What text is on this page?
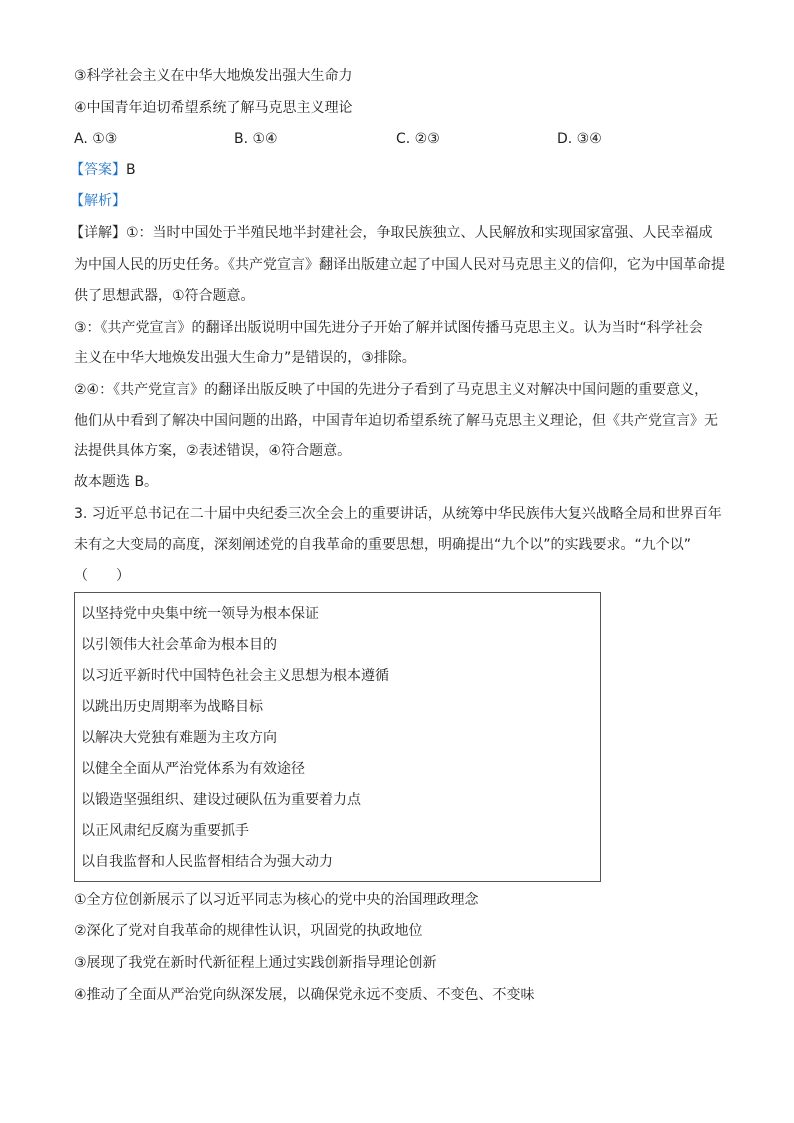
③科学社会主义在中华大地焕发出强大生命力
④中国青年迫切希望系统了解马克思主义理论
A. ①③	B. ①④	C. ②③	D. ③④
【答案】B
【解析】
【详解】①：当时中国处于半殖民地半封建社会，争取民族独立、人民解放和实现国家富强、人民幸福成
为中国人民的历史任务。《共产党宣言》翻译出版建立起了中国人民对马克思主义的信仰，它为中国革命提
供了思想武器，①符合题意。
③：《共产党宣言》的翻译出版说明中国先进分子开始了解并试图传播马克思主义。认为当时“科学社会
主义在中华大地焕发出强大生命力”是错误的，③排除。
②④：《共产党宣言》的翻译出版反映了中国的先进分子看到了马克思主义对解决中国问题的重要意义，
他们从中看到了解决中国问题的出路，中国青年迫切希望系统了解马克思主义理论，但《共产党宣言》无
法提供具体方案，②表述错误，④符合题意。
故本题选 B。
3. 习近平总书记在二十届中央纪委三次全会上的重要讲话，从统筹中华民族伟大复兴战略全局和世界百年
未有之大变局的高度，深刻阐述党的自我革命的重要思想，明确提出“九个以”的实践要求。“九个以”
（　　）
以坚持党中央集中统一领导为根本保证
以引领伟大社会革命为根本目的
以习近平新时代中国特色社会主义思想为根本遵循
以跳出历史周期率为战略目标
以解决大党独有难题为主攻方向
以健全全面从严治党体系为有效途径
以锻造坚强组织、建设过硬队伍为重要着力点
以正风肃纪反腐为重要抓手
以自我监督和人民监督相结合为强大动力
①全方位创新展示了以习近平同志为核心的党中央的治国理政理念
②深化了党对自我革命的规律性认识，巩固党的执政地位
③展现了我党在新时代新征程上通过实践创新指导理论创新
④推动了全面从严治党向纵深发展，以确保党永远不变质、不变色、不变味
